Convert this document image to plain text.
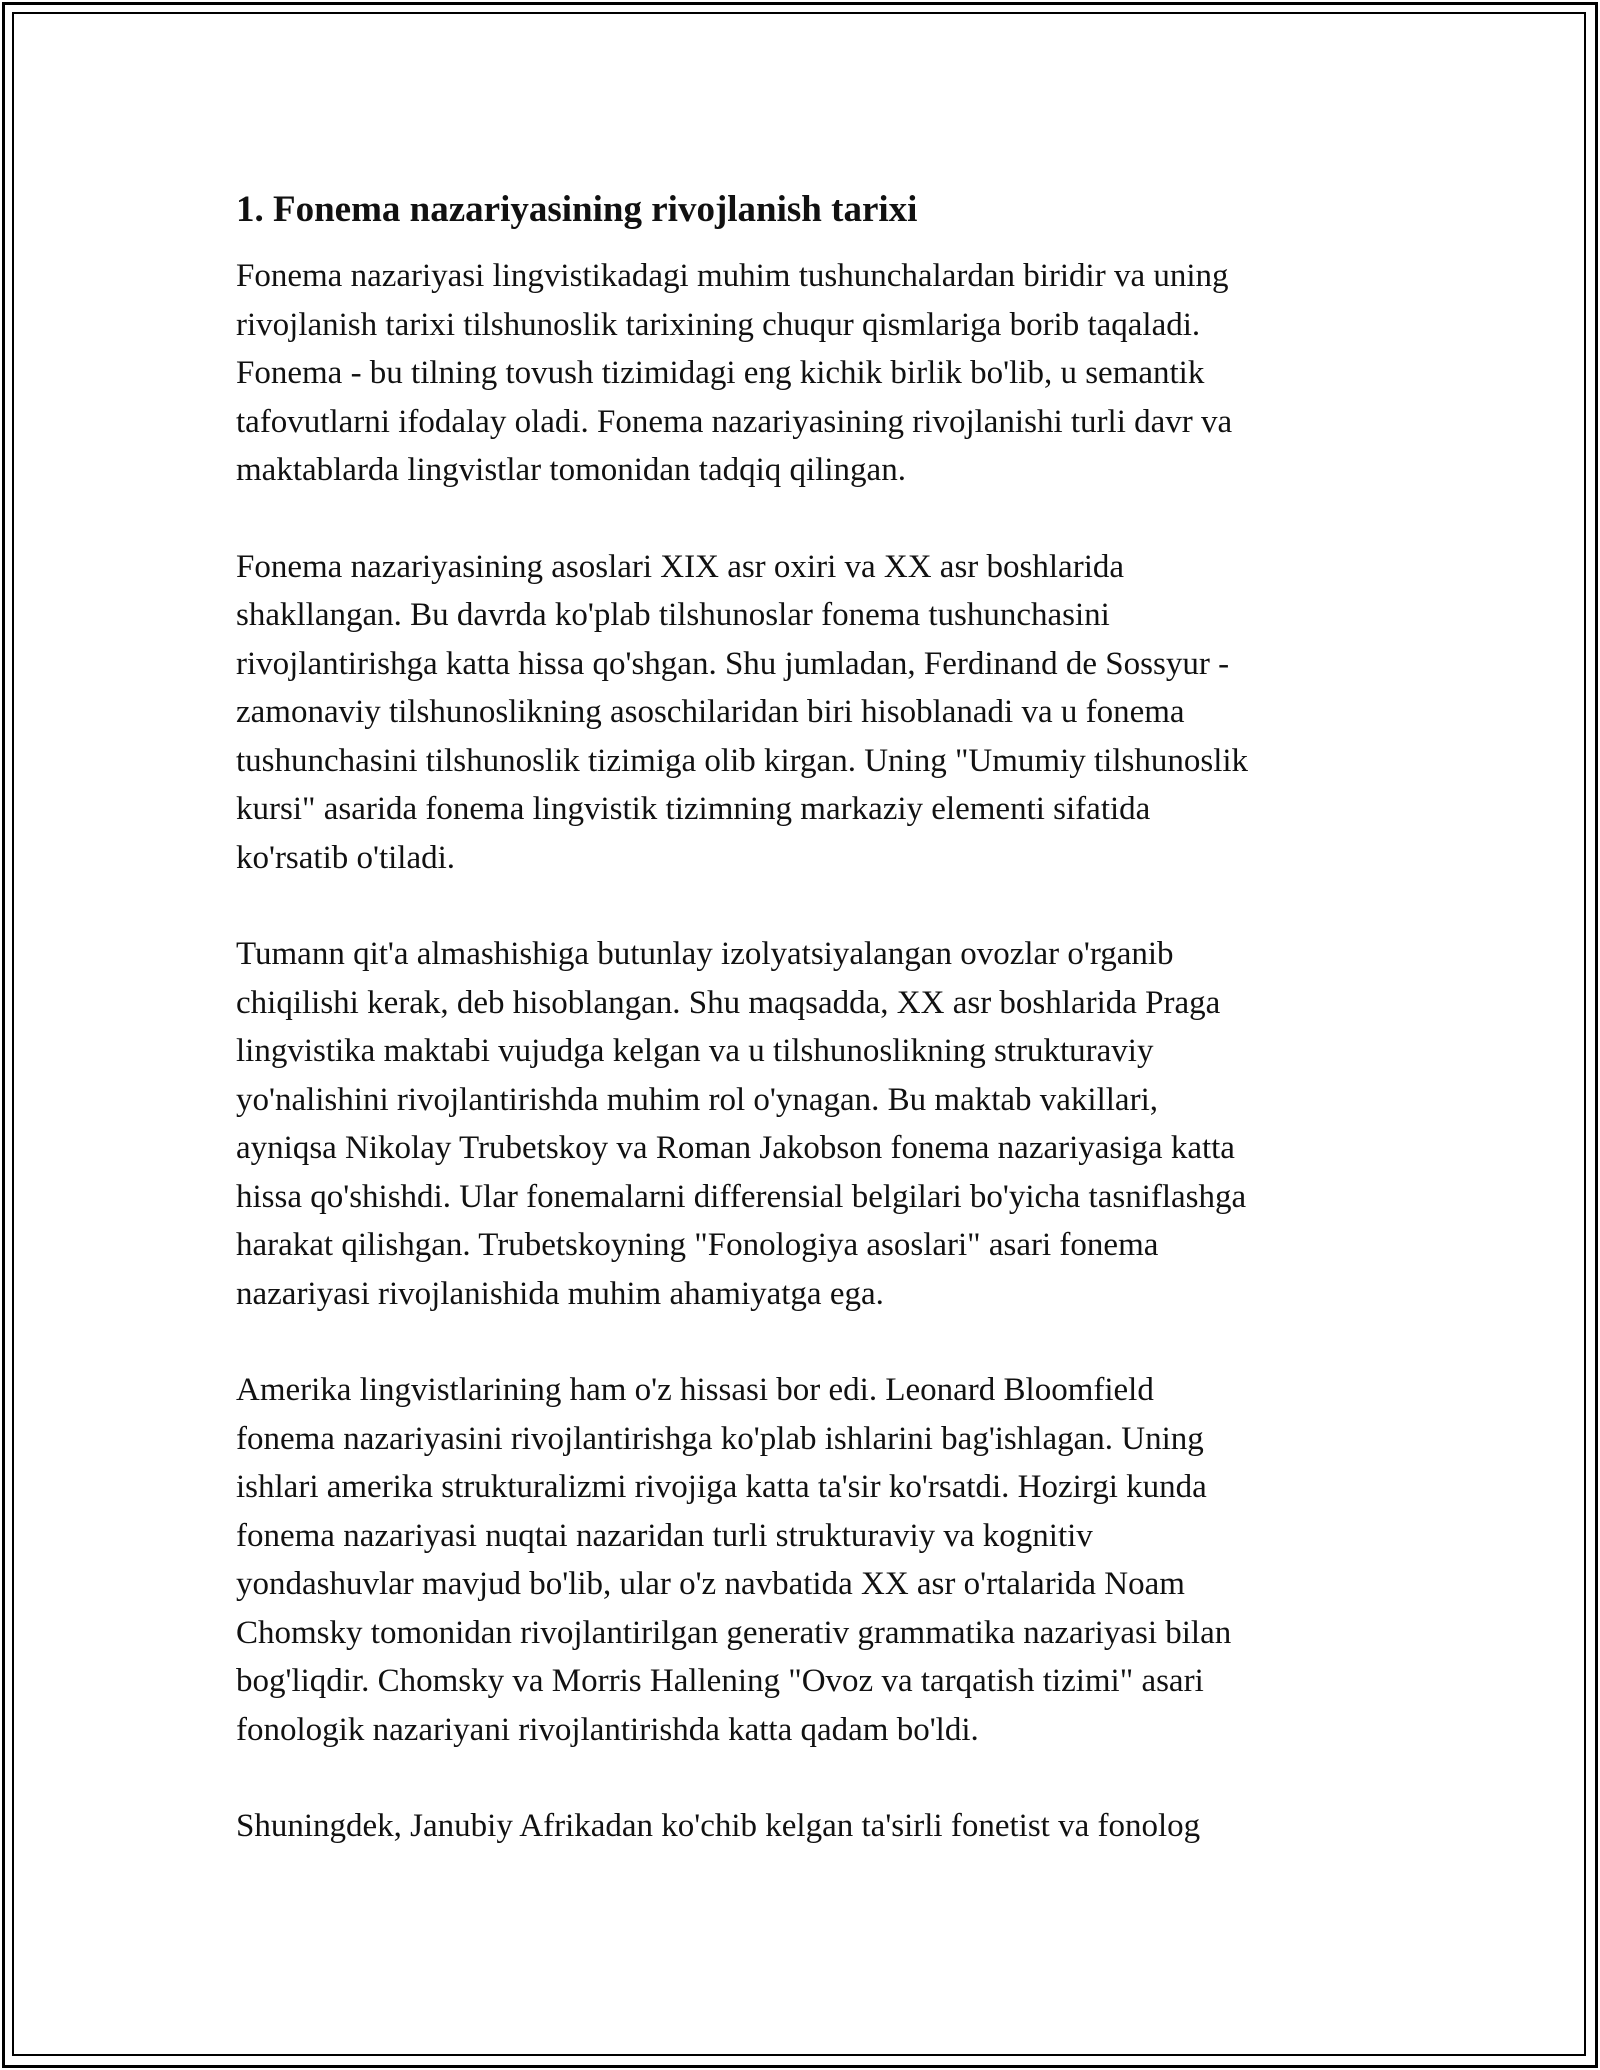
1. Fonema nazariyasining rivojlanish tarixi

Fonema nazariyasi lingvistikadagi muhim tushunchalardan biridir va uning
rivojlanish tarixi tilshunoslik tarixining chuqur qismlariga borib taqaladi.
Fonema - bu tilning tovush tizimidagi eng kichik birlik bo'lib, u semantik
tafovutlarni ifodalay oladi. Fonema nazariyasining rivojlanishi turli davr va
maktablarda lingvistlar tomonidan tadqiq qilingan.

Fonema nazariyasining asoslari XIX asr oxiri va XX asr boshlarida
shakllangan. Bu davrda ko'plab tilshunoslar fonema tushunchasini
rivojlantirishga katta hissa qo'shgan. Shu jumladan, Ferdinand de Sossyur -
zamonaviy tilshunoslikning asoschilaridan biri hisoblanadi va u fonema
tushunchasini tilshunoslik tizimiga olib kirgan. Uning "Umumiy tilshunoslik
kursi" asarida fonema lingvistik tizimning markaziy elementi sifatida
ko'rsatib o'tiladi.

Tumann qit'a almashishiga butunlay izolyatsiyalangan ovozlar o'rganib
chiqilishi kerak, deb hisoblangan. Shu maqsadda, XX asr boshlarida Praga
lingvistika maktabi vujudga kelgan va u tilshunoslikning strukturaviy
yo'nalishini rivojlantirishda muhim rol o'ynagan. Bu maktab vakillari,
ayniqsa Nikolay Trubetskoy va Roman Jakobson fonema nazariyasiga katta
hissa qo'shishdi. Ular fonemalarni differensial belgilari bo'yicha tasniflashga
harakat qilishgan. Trubetskoyning "Fonologiya asoslari" asari fonema
nazariyasi rivojlanishida muhim ahamiyatga ega.

Amerika lingvistlarining ham o'z hissasi bor edi. Leonard Bloomfield
fonema nazariyasini rivojlantirishga ko'plab ishlarini bag'ishlagan. Uning
ishlari amerika strukturalizmi rivojiga katta ta'sir ko'rsatdi. Hozirgi kunda
fonema nazariyasi nuqtai nazaridan turli strukturaviy va kognitiv
yondashuvlar mavjud bo'lib, ular o'z navbatida XX asr o'rtalarida Noam
Chomsky tomonidan rivojlantirilgan generativ grammatika nazariyasi bilan
bog'liqdir. Chomsky va Morris Hallening "Ovoz va tarqatish tizimi" asari
fonologik nazariyani rivojlantirishda katta qadam bo'ldi.

Shuningdek, Janubiy Afrikadan ko'chib kelgan ta'sirli fonetist va fonolog
